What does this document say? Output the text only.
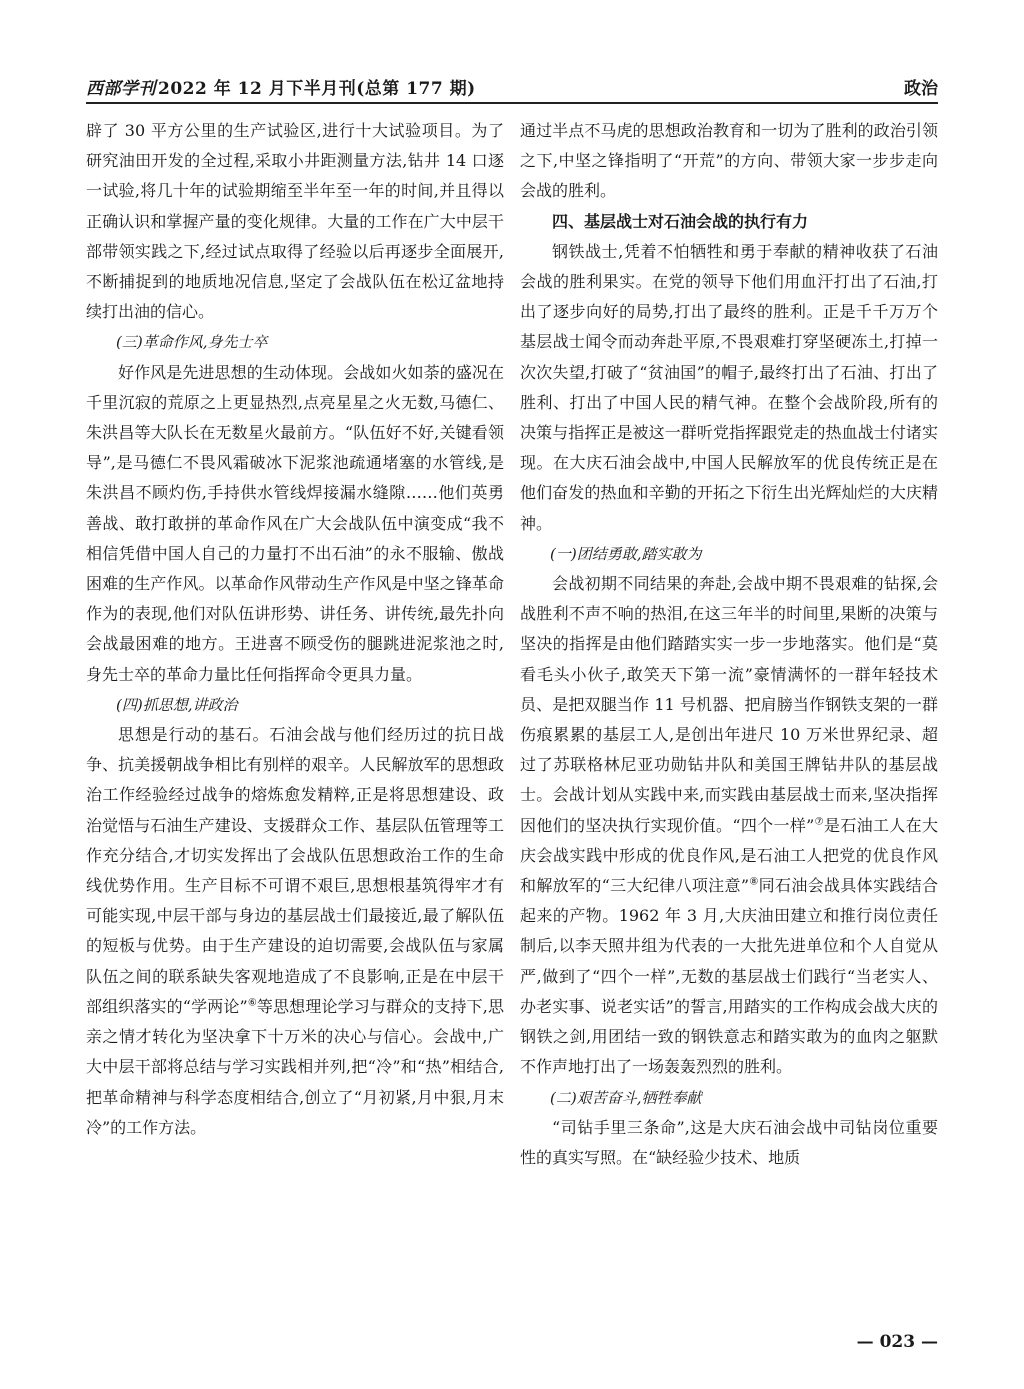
西部学刊 2022 年 12 月下半月刊(总第 177 期)	政治

辟了 30 平方公里的生产试验区,进行十大试验项目。为了研究油田开发的全过程,采取小井距测量方法,钻井 14 口逐一试验,将几十年的试验期缩至半年至一年的时间,并且得以正确认识和掌握产量的变化规律。大量的工作在广大中层干部带领实践之下,经过试点取得了经验以后再逐步全面展开,不断捕捉到的地质地况信息,坚定了会战队伍在松辽盆地持续打出油的信心。

(三)革命作风,身先士卒

好作风是先进思想的生动体现。会战如火如荼的盛况在千里沉寂的荒原之上更显热烈,点亮星星之火无数,马德仁、朱洪昌等大队长在无数星火最前方。“队伍好不好,关键看领导”,是马德仁不畏风霜破冰下泥浆池疏通堵塞的水管线,是朱洪昌不顾灼伤,手持供水管线焊接漏水缝隙……他们英勇善战、敢打敢拼的革命作风在广大会战队伍中演变成“我不相信凭借中国人自己的力量打不出石油”的永不服输、傲战困难的生产作风。以革命作风带动生产作风是中坚之锋革命作为的表现,他们对队伍讲形势、讲任务、讲传统,最先扑向会战最困难的地方。王进喜不顾受伤的腿跳进泥浆池之时,身先士卒的革命力量比任何指挥命令更具力量。

(四)抓思想,讲政治

思想是行动的基石。石油会战与他们经历过的抗日战争、抗美援朝战争相比有别样的艰辛。人民解放军的思想政治工作经验经过战争的熔炼愈发精粹,正是将思想建设、政治觉悟与石油生产建设、支援群众工作、基层队伍管理等工作充分结合,才切实发挥出了会战队伍思想政治工作的生命线优势作用。生产目标不可谓不艰巨,思想根基筑得牢才有可能实现,中层干部与身边的基层战士们最接近,最了解队伍的短板与优势。由于生产建设的迫切需要,会战队伍与家属队伍之间的联系缺失客观地造成了不良影响,正是在中层干部组织落实的“学两论”⑥等思想理论学习与群众的支持下,思亲之情才转化为坚决拿下十万米的决心与信心。会战中,广大中层干部将总结与学习实践相并列,把“冷”和“热”相结合,把革命精神与科学态度相结合,创立了“月初紧,月中狠,月末冷”的工作方法。

通过半点不马虎的思想政治教育和一切为了胜利的政治引领之下,中坚之锋指明了“开荒”的方向、带领大家一步步走向会战的胜利。

四、基层战士对石油会战的执行有力

钢铁战士,凭着不怕牺牲和勇于奉献的精神收获了石油会战的胜利果实。在党的领导下他们用血汗打出了石油,打出了逐步向好的局势,打出了最终的胜利。正是千千万万个基层战士闻令而动奔赴平原,不畏艰难打穿坚硬冻土,打掉一次次失望,打破了“贫油国”的帽子,最终打出了石油、打出了胜利、打出了中国人民的精气神。在整个会战阶段,所有的决策与指挥正是被这一群听党指挥跟党走的热血战士付诸实现。在大庆石油会战中,中国人民解放军的优良传统正是在他们奋发的热血和辛勤的开拓之下衍生出光辉灿烂的大庆精神。

(一)团结勇敢,踏实敢为

会战初期不同结果的奔赴,会战中期不畏艰难的钻探,会战胜利不声不响的热泪,在这三年半的时间里,果断的决策与坚决的指挥是由他们踏踏实实一步一步地落实。他们是“莫看毛头小伙子,敢笑天下第一流”豪情满怀的一群年轻技术员、是把双腿当作 11 号机器、把肩膀当作钢铁支架的一群伤痕累累的基层工人,是创出年进尺 10 万米世界纪录、超过了苏联格林尼亚功勋钻井队和美国王牌钻井队的基层战士。会战计划从实践中来,而实践由基层战士而来,坚决指挥因他们的坚决执行实现价值。“四个一样”⑦是石油工人在大庆会战实践中形成的优良作风,是石油工人把党的优良作风和解放军的“三大纪律八项注意”⑧同石油会战具体实践结合起来的产物。1962 年 3 月,大庆油田建立和推行岗位责任制后,以李天照井组为代表的一大批先进单位和个人自觉从严,做到了“四个一样”,无数的基层战士们践行“当老实人、办老实事、说老实话”的誓言,用踏实的工作构成会战大庆的钢铁之剑,用团结一致的钢铁意志和踏实敢为的血肉之躯默不作声地打出了一场轰轰烈烈的胜利。

(二)艰苦奋斗,牺牲奉献

“司钻手里三条命”,这是大庆石油会战中司钻岗位重要性的真实写照。在“缺经验少技术、地质

— 023 —
